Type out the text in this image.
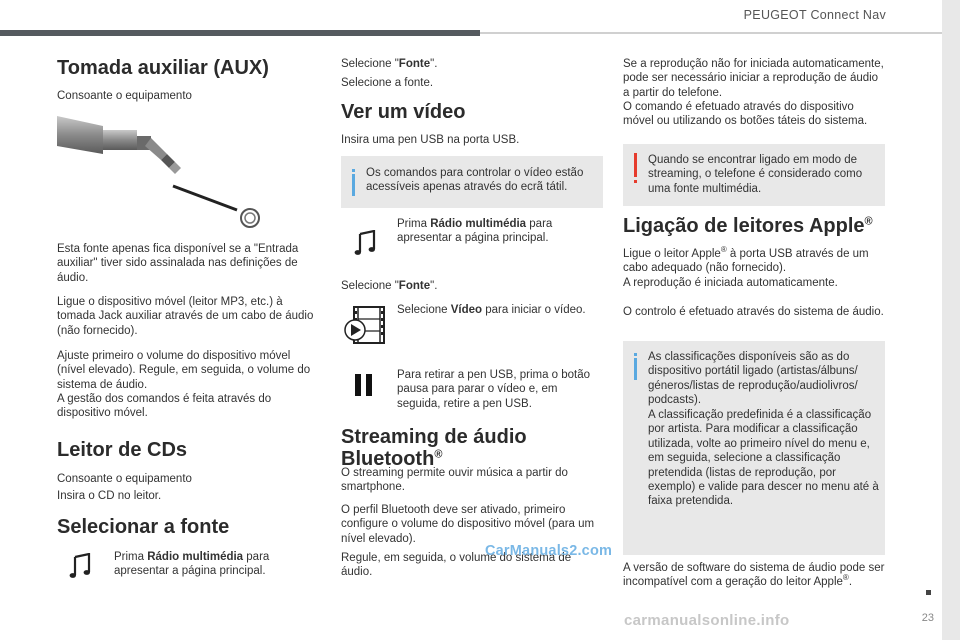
PEUGEOT Connect Nav
23
Tomada auxiliar (AUX)

Consoante o equipamento

Esta fonte apenas fica disponível se a "Entrada auxiliar" tiver sido assinalada nas definições de áudio.

Ligue o dispositivo móvel (leitor MP3, etc.) à tomada Jack auxiliar através de um cabo de áudio (não fornecido).

Ajuste primeiro o volume do dispositivo móvel (nível elevado). Regule, em seguida, o volume do sistema de áudio.

A gestão dos comandos é feita através do dispositivo móvel.

Leitor de CDs

Consoante o equipamento

Insira o CD no leitor.

Selecionar a fonte

Prima Rádio multimédia para apresentar a página principal.

Selecione "Fonte".

Selecione a fonte.

Ver um vídeo

Insira uma pen USB na porta USB.

Os comandos para controlar o vídeo estão acessíveis apenas através do ecrã tátil.

Prima Rádio multimédia para apresentar a página principal.

Selecione "Fonte".

Selecione Vídeo para iniciar o vídeo.

Para retirar a pen USB, prima o botão pausa para parar o vídeo e, em seguida, retire a pen USB.

Streaming de áudio
Bluetooth®

O streaming permite ouvir música a partir do smartphone.

O perfil Bluetooth deve ser ativado, primeiro configure o volume do dispositivo móvel (para um nível elevado).

Regule, em seguida, o volume do sistema de áudio.

Se a reprodução não for iniciada automaticamente, pode ser necessário iniciar a reprodução de áudio a partir do telefone.

O comando é efetuado através do dispositivo móvel ou utilizando os botões táteis do sistema.

Quando se encontrar ligado em modo de streaming, o telefone é considerado como uma fonte multimédia.

Ligação de leitores Apple®

Ligue o leitor Apple® à porta USB através de um cabo adequado (não fornecido).

A reprodução é iniciada automaticamente.

O controlo é efetuado através do sistema de áudio.

As classificações disponíveis são as do dispositivo portátil ligado (artistas/álbuns/ géneros/listas de reprodução/audiolivros/ podcasts).

A classificação predefinida é a classificação por artista. Para modificar a classificação utilizada, volte ao primeiro nível do menu e, em seguida, selecione a classificação pretendida (listas de reprodução, por exemplo) e valide para descer no menu até à faixa pretendida.

A versão de software do sistema de áudio pode ser incompatível com a geração do leitor Apple®.

CarManuals2.com
carmanualsonline.info
